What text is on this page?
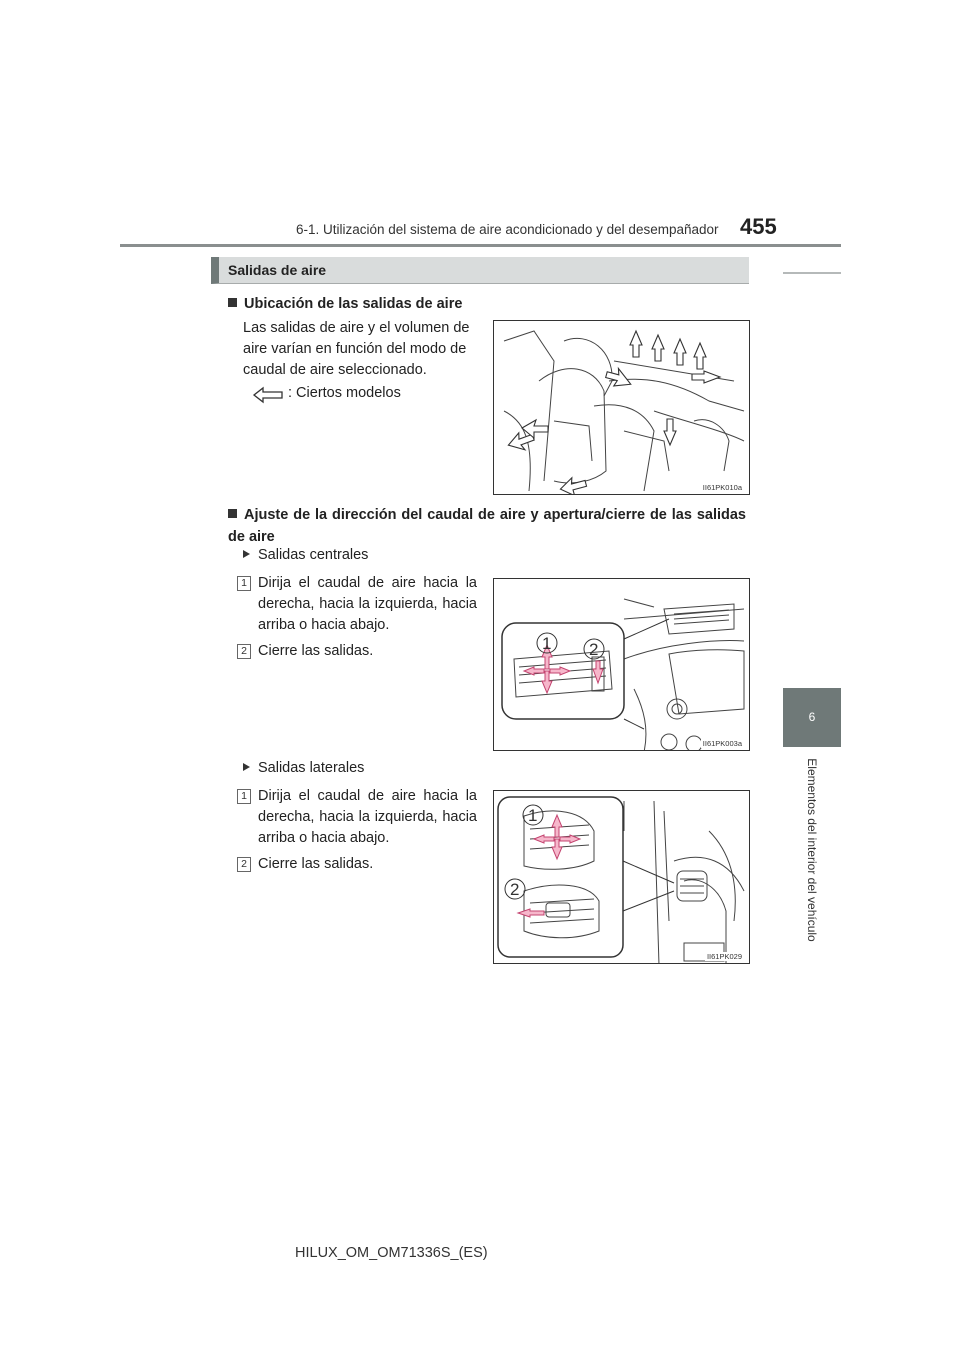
6-1. Utilización del sistema de aire acondicionado y del desempañador 455
6
Elementos del interior del vehículo
Salidas de aire
Ubicación de las salidas de aire
Las salidas de aire y el volumen de aire varían en función del modo de caudal de aire seleccionado.
: Ciertos modelos
II61PK010a
Ajuste de la dirección del caudal de aire y apertura/cierre de las salidas de aire
Salidas centrales
1 Dirija el caudal de aire hacia la derecha, hacia la izquierda, hacia arriba o hacia abajo.
2 Cierre las salidas.	1 2
II61PK003a
Salidas laterales
1 Dirija el caudal de aire hacia la derecha, hacia la izquierda, hacia arriba o hacia abajo.
2 Cierre las salidas.
1
2
II61PK029
HILUX_OM_OM71336S_(ES)
